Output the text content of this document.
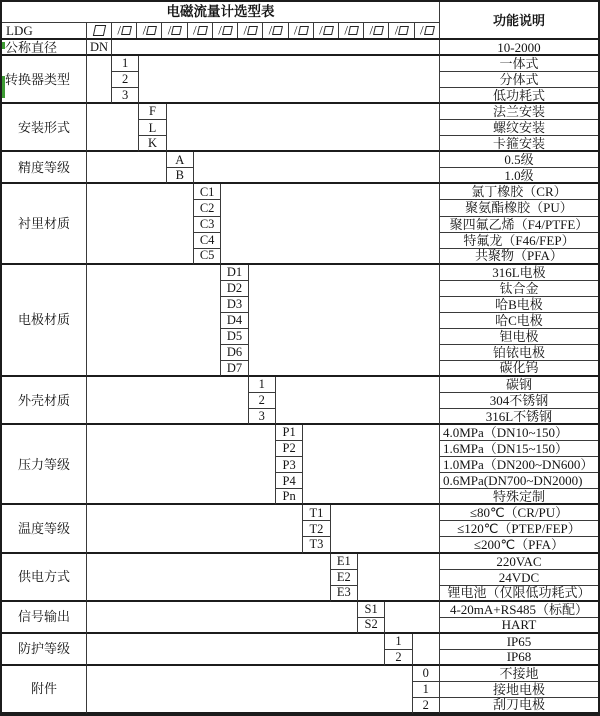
电磁流量计选型表
功能说明
LDG	/ / / / / / / / / / / / /
公称直径	DN	10-2000
转换器类型
1	一体式
2	分体式
3	低功耗式
安装形式
F	法兰安装
L	螺纹安装
K	卡箍安装
精度等级
A	0.5级
B	1.0级
衬里材质
C1	氯丁橡胶（CR）
C2	聚氨酯橡胶（PU）
C3	聚四氟乙烯（F4/PTFE）
C4	特氟龙（F46/FEP）
C5	共聚物（PFA）
电极材质
D1	316L电极
D2	钛合金
D3	哈B电极
D4	哈C电极
D5	钽电极
D6	铂铱电极
D7	碳化钨
外壳材质
1	碳钢
2	304不锈钢
3	316L不锈钢
压力等级
P1	4.0MPa（DN10~150）
P2	1.6MPa（DN15~150）
P3	1.0MPa（DN200~DN600）
P4	0.6MPa(DN700~DN2000)
Pn	特殊定制
温度等级
T1	≤80℃（CR/PU）
T2	≤120℃（PTEP/FEP）
T3	≤200℃（PFA）
供电方式
E1	220VAC
E2	24VDC
E3	锂电池（仅限低功耗式）
信号输出
S1	4-20mA+RS485（标配）
S2	HART
防护等级
1	IP65
2	IP68
附件
0	不接地
1	接地电极
2	刮刀电极
